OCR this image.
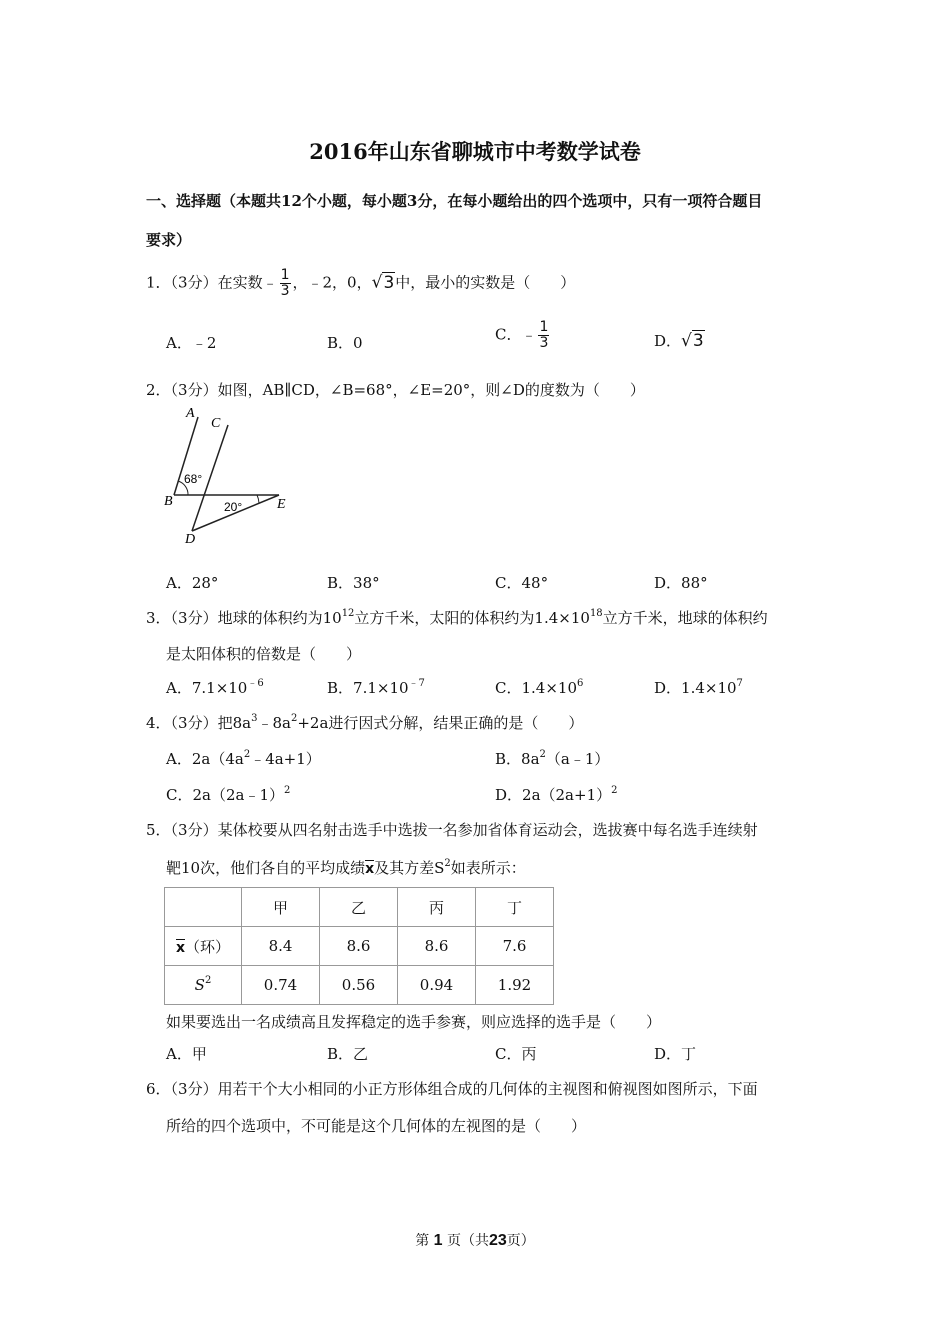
2016年山东省聊城市中考数学试卷
一、选择题（本题共12个小题，每小题3分，在每小题给出的四个选项中，只有一项符合题目
要求）
1．（3分）在实数﹣ $\frac{1}{3}$ ，﹣2，0，√3中，最小的实数是（　　）
A．﹣2	B．0	C．﹣ $\frac{1}{3}$	D．√3
2．（3分）如图，AB∥CD，∠B=68°，∠E=20°，则∠D的度数为（　　）
A
C
B	E
D
68°
20°
A．28°	B．38°	C．48°	D．88°
3．（3分）地球的体积约为$10^{12}$立方千米，太阳的体积约为$1.4\times 10^{18}$立方千米，地球的体积约
是太阳体积的倍数是（　　）
A．$7.1\times 10^{﹣6}$	B．$7.1\times 10^{﹣7}$	C．$1.4\times 10^6$	D．$1.4\times 10^7$
4．（3分）把$8a^3﹣8a^2+2a$进行因式分解，结果正确的是（　　）
A．$2a(4a^2﹣4a+1)$	B．$8a^2(a﹣1)$
C．2a（2a﹣1）$^2$	D．$2a(2a+1)^2$
5．（3分）某体校要从四名射击选手中选拔一名参加省体育运动会，选拔赛中每名选手连续射
靶10次，他们各自的平均成绩x及其方差$S^2$如表所示：
	甲	乙	丙	丁
x（环）	8.4	8.6	8.6	7.6
$S^2$	0.74	0.56	0.94	1.92
如果要选出一名成绩高且发挥稳定的选手参赛，则应选择的选手是（　　）
A．甲	B．乙	C．丙	D．丁
6．（3分）用若干个大小相同的小正方形体组合成的几何体的主视图和俯视图如图所示，下面
所给的四个选项中，不可能是这个几何体的左视图的是（　　）
第 1 页（共23页）
